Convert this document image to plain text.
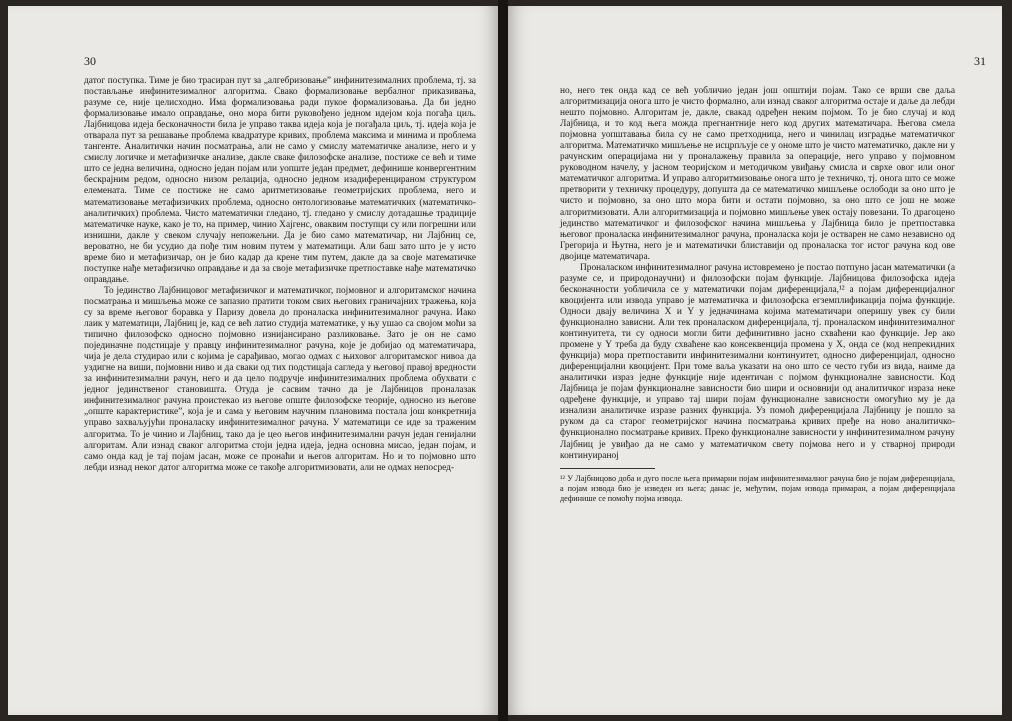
30

датог поступка. Тиме је био трасиран пут за „алгебризовање” инфинитезималних проблема, тј. за постављање инфинитезималног алгоритма. Свако формализовање вербалног приказивања, разуме се, није целисходно. Има формализовања ради пукое формализовања. Да би једно формализовање имало оправдање, оно мора бити руковођено једном идејом која погађа циљ. Лајбницова идеја бесконачности била је управо таква идеја која је погађала циљ, тј. идеја која је отварала пут за решавање проблема квадратуре кривих, проблема максима и минима и проблема тангенте. Аналитички начин посматрања, али не само у смислу математичке анализе, него и у смислу логичке и метафизичке анализе, дакле сваке филозофске анализе, постиже се већ и тиме што се једна величина, односно један појам или уопште један предмет, дефинише конвергентним бескрајним редом, односно низом релација, односно једном изадиференцираном структуром елемената. Тиме се постиже не само аритметизовање геометријских проблема, него и математизовање метафизичких проблема, односно онтологизовање математичких (математичко-аналитичких) проблема. Чисто математички гледано, тј. гледано у смислу дотадашње традиције математичке науке, како је то, на пример, чинио Хајгенс, оваквим поступци су или погрешни или изнишни, дакле у свеком случају непожељни. Да је био само математичар, ни Лајбниц се, вероватно, не би усудио да пође тим новим путем у математици. Али баш зато што је у исто време био и метафизичар, он је био кадар да крене тим путем, дакле да за своје математичке поступке нађе метафизичко оправдање и да за своје метафизичке претпоставке нађе математичко оправдање.

То јединство Лајбницовог метафизичког и математичког, појмовног и алгоритамског начина посматрања и мишљења може се запазио пратити током свих његових граничајних тражења, која су за време његовог боравка у Паризу довела до проналаска инфинитезималног рачуна. Иако лаик у математици, Лајбниц је, кад се већ латио студија математике, у њу ушао са својом моћи за типично филозофско односно појмовно изнијансирано разликовање. Зато је он не само појединачне подстицаје у правцу инфинитезималног рачуна, које је добијао од математичара, чија је дела студирао или с којима је сарађивао, могао одмах с њиховог алгоритамског нивоа да уздигне на виши, појмовни ниво и да сваки од тих подстицаја сагледа у његовој правој вредности за инфинитезимални рачун, него и да цело подручје инфинитезималних проблема обухвати с једног јединственог становишта. Отуда је сасвим тачно да је Лајбницов проналазак инфинитезималног рачуна проистекао из његове опште филозофске теорије, односно из његове „опште карактеристике”, која је и сама у његовим научним плановима постала још конкретнија управо захваљујући проналаску инфинитезималног рачуна. У математици се иде за траженим алгоритма. То је чинио и Лајбниц, тако да је цео његов инфинитезимални рачун један генијални алгоритам. Али изнад сваког алгоритма стоји једна идеја, једна основна мисао, један појам, и само онда кад је тај појам јасан, може се пронаћи и његов алгоритам. Но и то појмовно што лебди изнад неког датог алгоритма може се такође алгоритмизовати, али не одмах непосред-

31

но, него тек онда кад се већ уобличио један још општији појам. Тако се врши све даља алгоритмизација онога што је чисто формално, али изнад сваког алгоритма остаје и даље да лебди нешто појмовно. Алгоритам је, дакле, свакад одређен неким појмом. То је био случај и код Лајбница, и то код њега можда прегнантније него код других математичара. Његова смела појмовна уопштавања била су не само претходница, него и чинилац изградње математичког алгоритма. Математичко мишљење не исцрпљује се у ономе што је чисто математичко, дакле ни у рачунским операцијама ни у проналажењу правила за операције, него управо у појмовном руководном начелу, у јасном теоријском и методичком увиђању смисла и сврхе овог или оног математичког алгоритма. И управо алгоритмизовање онога што је техничко, тј. онога што се може претворити у техничку процедуру, допушта да се математичко мишљење ослободи за оно што је чисто и појмовно, за оно што мора бити и остати појмовно, за оно што се још не може алгоритмизовати. Али алгоритмизација и појмовно мишљење увек остају повезани. То драгоцено јединство математичког и филозофског начина мишљења у Лајбница било је претпоставка његовог проналаска инфинитезималног рачуна, проналаска који је остварен не само независно од Грегорија и Њутна, него је и математички блиставији од проналаска тог истог рачуна код ове двојице математичара.

Проналаском инфинитезималног рачуна истовремено је постао потпуно јасан математички (а разуме се, и природонаучни) и филозофски појам функције. Лајбницова филозофска идеја бесконачности уобличила се у математички појам диференцијала,¹² а појам диференцијалног квоцијента или извода управо је математичка и филозофска егземплификација појма функције. Односи двају величина X и Y у једначинама којима математичари оперишу увек су били функционално зависни. Али тек проналаском диференцијала, тј. проналаском инфинитезималног континуитета, ти су односи могли бити дефинитивно јасно схваћени као функције. Јер ако промене у Y треба да буду схваћене као консеквенција промена у X, онда се (код непрекидних функција) мора претпоставити инфинитезимални континуитет, односно диференцијал, односно диференцијални квоцијент. При томе ваља указати на оно што се често губи из вида, наиме да аналитички израз једне функције није идентичан с појмом функционалне зависности. Код Лајбница је појам функционалне зависности био шири и основнији од аналитичког израза неке одређене функције, и управо тај шири појам функционалне зависности омогућио му је да изнализи аналитичке изразе разних функција. Уз помоћ диференцијала Лајбницу је пошло за руком да са старог геометријског начина посматрања кривих пређе на ново аналитичко-функционално посматрање кривих. Преко функционалне зависности у инфинитезималном рачуну Лајбниц је увиђао да не само у математичком свету појмова него и у стварној природи континуираној

¹² У Лајбницово доба и дуго после њега примарни појам инфинитезималног рачуна био је појам диференцијала, а појам извода био је изведен из њега; данас је, међутим, појам извода примаран, а појам диференцијала дефинише се помоћу појма извода.
